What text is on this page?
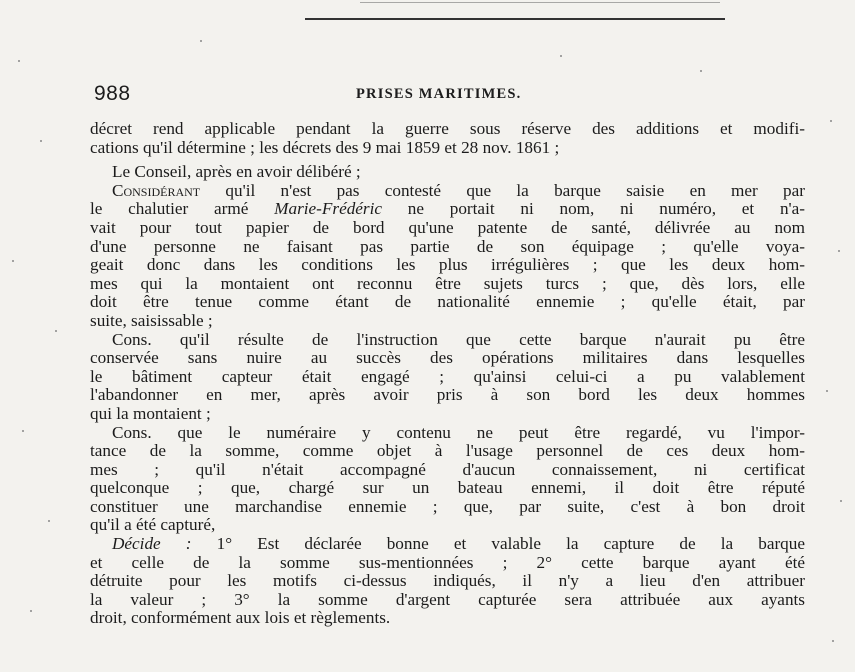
988	PRISES MARITIMES.
décret rend applicable pendant la guerre sous réserve des additions et modifi-
cations qu'il détermine ; les décrets des 9 mai 1859 et 28 nov. 1861 ;
Le Conseil, après en avoir délibéré ;
Considérant qu'il n'est pas contesté que la barque saisie en mer par
le chalutier armé Marie-Frédéric ne portait ni nom, ni numéro, et n'a-
vait pour tout papier de bord qu'une patente de santé, délivrée au nom
d'une personne ne faisant pas partie de son équipage ; qu'elle voya-
geait donc dans les conditions les plus irrégulières ; que les deux hom-
mes qui la montaient ont reconnu être sujets turcs ; que, dès lors, elle
doit être tenue comme étant de nationalité ennemie ; qu'elle était, par
suite, saisissable ;
Cons. qu'il résulte de l'instruction que cette barque n'aurait pu être
conservée sans nuire au succès des opérations militaires dans lesquelles
le bâtiment capteur était engagé ; qu'ainsi celui-ci a pu valablement
l'abandonner en mer, après avoir pris à son bord les deux hommes
qui la montaient ;
Cons. que le numéraire y contenu ne peut être regardé, vu l'impor-
tance de la somme, comme objet à l'usage personnel de ces deux hom-
mes ; qu'il n'était accompagné d'aucun connaissement, ni certificat
quelconque ; que, chargé sur un bateau ennemi, il doit être réputé
constituer une marchandise ennemie ; que, par suite, c'est à bon droit
qu'il a été capturé,
Décide : 1° Est déclarée bonne et valable la capture de la barque
et celle de la somme sus-mentionnées ; 2° cette barque ayant été
détruite pour les motifs ci-dessus indiqués, il n'y a lieu d'en attribuer
la valeur ; 3° la somme d'argent capturée sera attribuée aux ayants
droit, conformément aux lois et règlements.
